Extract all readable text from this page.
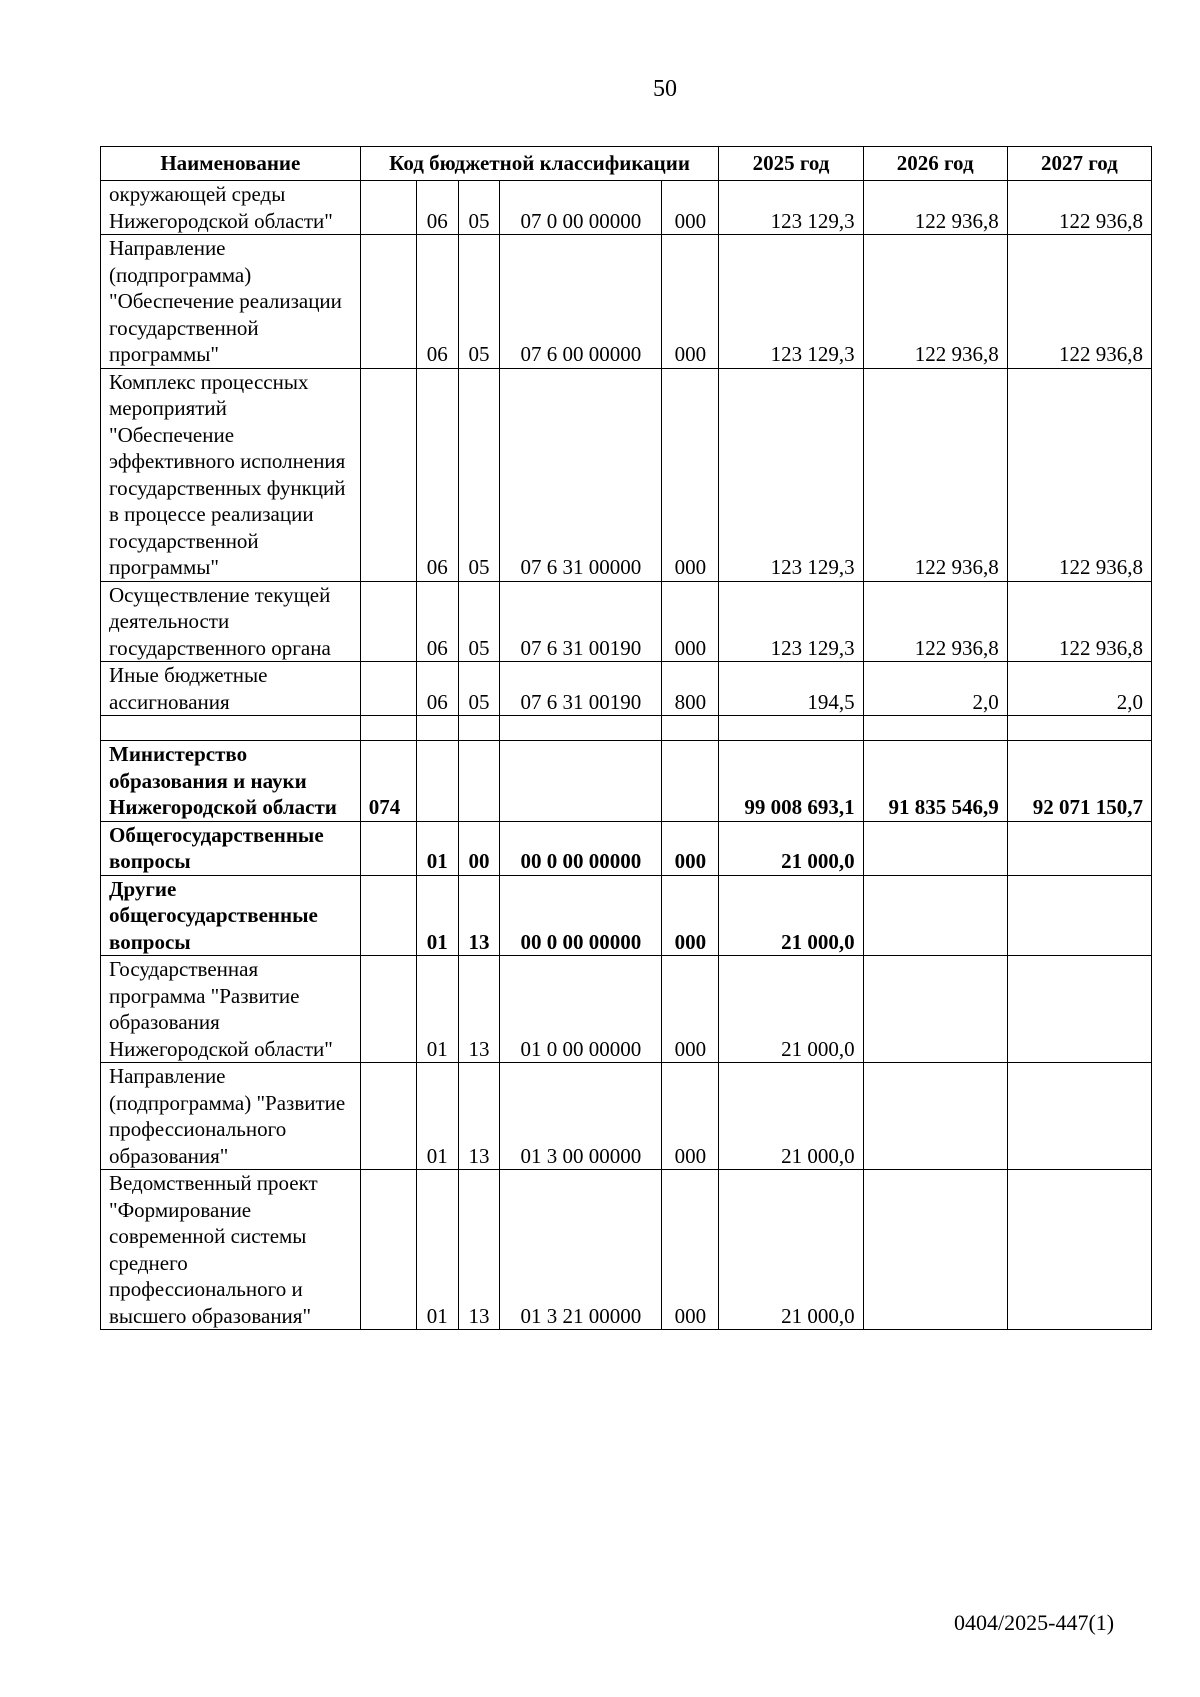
50
Наименование	Код бюджетной классификации					2025 год	2026 год	2027 год
окружающей среды Нижегородской области"		06	05	07 0 00 00000	000	123 129,3	122 936,8	122 936,8
Направление (подпрограмма) "Обеспечение реализации государственной программы"		06	05	07 6 00 00000	000	123 129,3	122 936,8	122 936,8
Комплекс процессных мероприятий "Обеспечение эффективного исполнения государственных функций в процессе реализации государственной программы"		06	05	07 6 31 00000	000	123 129,3	122 936,8	122 936,8
Осуществление текущей деятельности государственного органа		06	05	07 6 31 00190	000	123 129,3	122 936,8	122 936,8
Иные бюджетные ассигнования		06	05	07 6 31 00190	800	194,5	2,0	2,0

Министерство образования и науки Нижегородской области	074					99 008 693,1	91 835 546,9	92 071 150,7
Общегосударственные вопросы		01	00	00 0 00 00000	000	21 000,0		
Другие общегосударственные вопросы		01	13	00 0 00 00000	000	21 000,0		
Государственная программа "Развитие образования Нижегородской области"		01	13	01 0 00 00000	000	21 000,0		
Направление (подпрограмма) "Развитие профессионального образования"		01	13	01 3 00 00000	000	21 000,0		
Ведомственный проект "Формирование современной системы среднего профессионального и высшего образования"		01	13	01 3 21 00000	000	21 000,0		
0404/2025-447(1)
